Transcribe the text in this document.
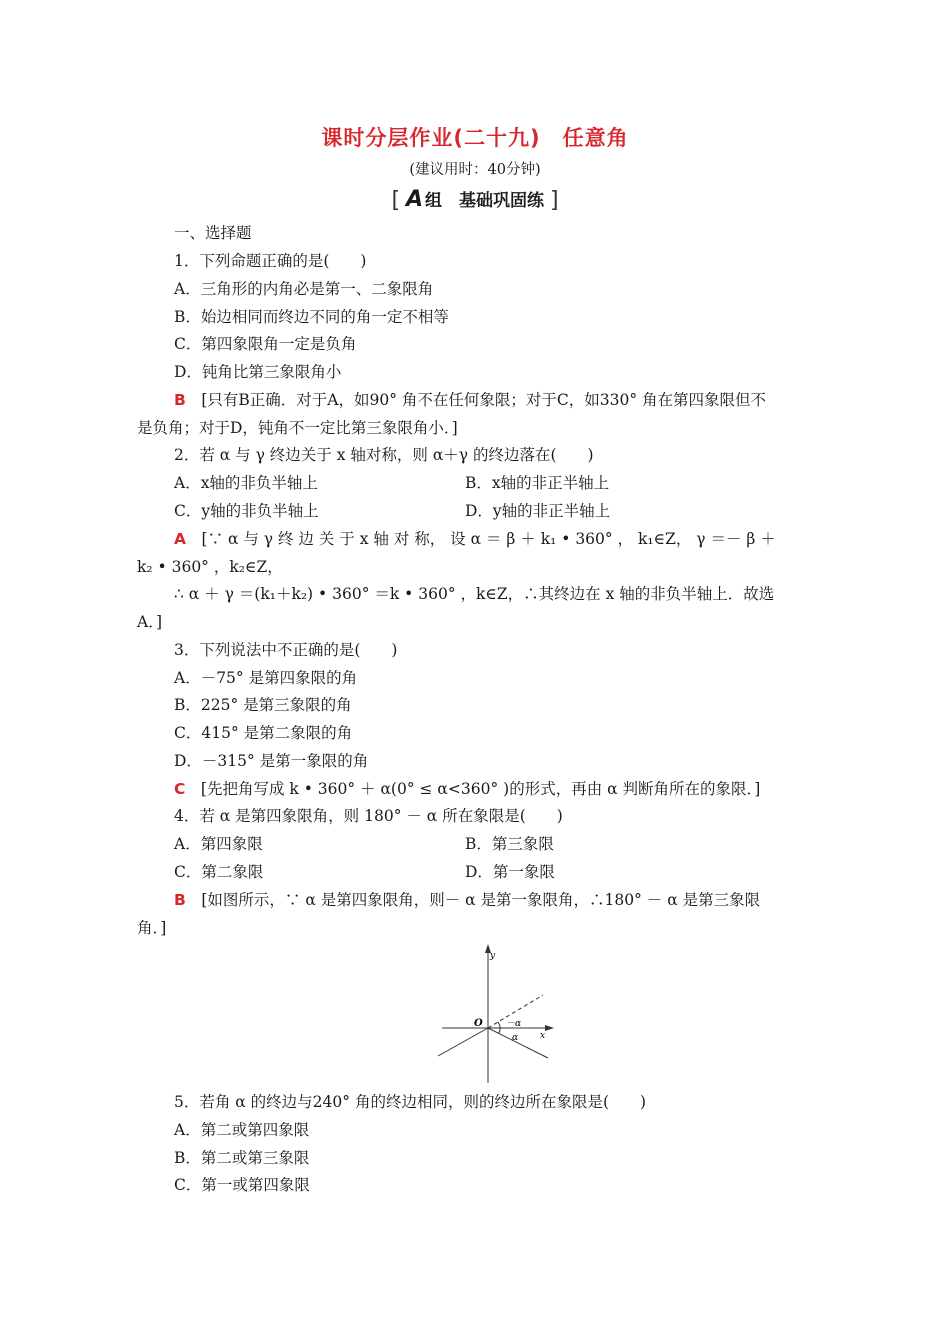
课时分层作业(二十九) 任意角
(建议用时：40分钟)
[ A 组　基础巩固练 ]
一、选择题
1．下列命题正确的是(　　)
A．三角形的内角必是第一、二象限角
B．始边相同而终边不同的角一定不相等
C．第四象限角一定是负角
D．钝角比第三象限角小
B　 [只有B正确．对于A，如90° 角不在任何象限；对于C，如330° 角在第四象限但不
是负角；对于D，钝角不一定比第三象限角小．]
2．若 α 与 γ 终边关于 x 轴对称，则 α＋γ 的终边落在(　　)
A．x轴的非负半轴上	B．x轴的非正半轴上
C．y轴的非负半轴上	D．y轴的非正半轴上
A　 [∵ α 与 γ 终 边 关 于 x 轴 对 称， 设 α ＝ β ＋ k₁ • 360° ， k₁∈Z， γ ＝－ β ＋
k₂ • 360° ，k₂∈Z，
∴ α ＋ γ ＝(k₁＋k₂) • 360° ＝k • 360° ，k∈Z，∴其终边在 x 轴的非负半轴上．故选
A．]
3．下列说法中不正确的是(　　)
A．－75° 是第四象限的角
B．225° 是第三象限的角
C．415° 是第二象限的角
D．－315° 是第一象限的角
C　 [先把角写成 k • 360° ＋ α(0° ≤ α<360° )的形式，再由 α 判断角所在的象限．]
4．若 α 是第四象限角，则 180° － α 所在象限是(　　)
A．第四象限	B．第三象限
C．第二象限	D．第一象限
B　 [如图所示，∵ α 是第四象限角，则－ α 是第一象限角，∴180° － α 是第三象限
角．]
y
x
O	－α
α
5．若角 α 的终边与240° 角的终边相同，则的终边所在象限是(　　)
A．第二或第四象限
B．第二或第三象限
C．第一或第四象限
